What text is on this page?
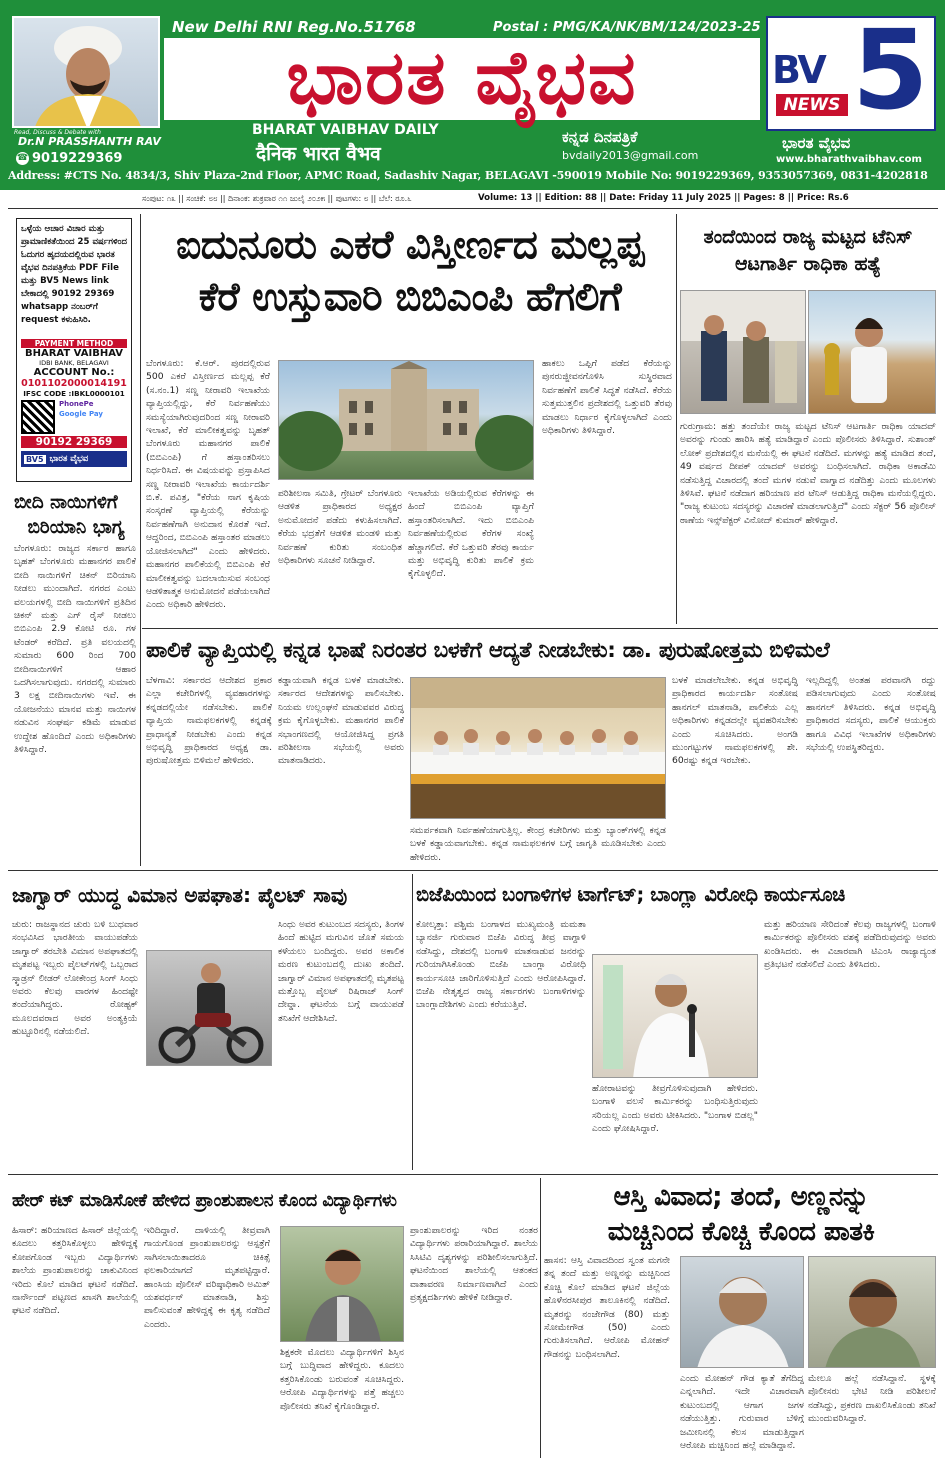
Read, Discuss & Debate with
Dr.N PRASSHANTH RAV
☎ 9019229369
New Delhi RNI Reg.No.51768	Postal : PMG/KA/NK/BM/124/2023-25
ಭಾರತ ವೈಭವ
BHARAT VAIBHAV DAILY
दैनिक भारत वैभव
ಕನ್ನಡ ದಿನಪತ್ರಿಕೆ
bvdaily2013@gmail.com
BV 5
NEWS
ಭಾರತ ವೈಭವ
www.bharathvaibhav.com
Address: #CTS No. 4834/3, Shiv Plaza-2nd Floor, APMC Road, Sadashiv Nagar, BELAGAVI -590019 Mobile No: 9019229369, 9353057369, 0831-4202818
ಸಂಪುಟ: ೧೩ || ಸಂಚಿಕೆ: ೮೮ || ದಿನಾಂಕ: ಶುಕ್ರವಾರ ೧೧ ಜುಲೈ ೨೦೨೫ || ಪುಟಗಳು: ೮ || ಬೆಲೆ: ರೂ.೬	Volume: 13 || Edition: 88 || Date: Friday 11 July 2025 || Pages: 8 || Price: Rs.6
ಒಳ್ಳೆಯ ಆಚಾರ ವಿಚಾರ ಮತ್ತು ಪ್ರಾಮಾಣಿಕತೆಯಿಂದ 25 ವರ್ಷಗಳಿಂದ ಓದುಗರ ಹೃದಯದಲ್ಲಿರುವ ಭಾರತ ವೈಭವ ದಿನಪತ್ರಿಕೆಯ PDF File ಮತ್ತು BV5 News link ಬೇಕಾದಲ್ಲಿ 90192 29369 whatsapp ನಂಬರ್‌ಗೆ request ಕಳುಹಿಸಿರಿ.
PAYMENT METHOD
BHARAT VAIBHAV
IDBI BANK, BELAGAVI
ACCOUNT No.:
0101102000014191
IFSC CODE :IBKL0000101
PhonePe
Google Pay
90192 29369
BV5 ಭಾರತ ವೈಭವ
ಬೀದಿ ನಾಯಿಗಳಿಗೆ
ಬಿರಿಯಾನಿ ಭಾಗ್ಯ
ಬೆಂಗಳೂರು: ರಾಜ್ಯದ ಸರ್ಕಾರ ಹಾಗೂ ಬೃಹತ್ ಬೆಂಗಳೂರು ಮಹಾನಗರ ಪಾಲಿಕೆ ಬೀದಿ ನಾಯಿಗಳಿಗೆ ಚಿಕನ್ ಬಿರಿಯಾನಿ ನೀಡಲು ಮುಂದಾಗಿದೆ. ನಗರದ ಎಂಟು ವಲಯಗಳಲ್ಲಿ ಬೀದಿ ನಾಯಿಗಳಿಗೆ ಪ್ರತಿದಿನ ಚಿಕನ್ ಮತ್ತು ಎಗ್ ರೈಸ್ ನೀಡಲು ಬಿಬಿಎಂಪಿ 2.9 ಕೋಟಿ ರೂ. ಗಳ ಟೆಂಡರ್ ಕರೆದಿದೆ. ಪ್ರತಿ ವಲಯದಲ್ಲಿ ಸುಮಾರು 600 ರಿಂದ 700 ಬೀದಿನಾಯಿಗಳಿಗೆ ಆಹಾರ ಒದಗಿಸಲಾಗುವುದು. ನಗರದಲ್ಲಿ ಸುಮಾರು 3 ಲಕ್ಷ ಬೀದಿನಾಯಿಗಳು ಇವೆ. ಈ ಯೋಜನೆಯು ಮಾನವ ಮತ್ತು ನಾಯಿಗಳ ನಡುವಿನ ಸಂಘರ್ಷ ಕಡಿಮೆ ಮಾಡುವ ಉದ್ದೇಶ ಹೊಂದಿದೆ ಎಂದು ಅಧಿಕಾರಿಗಳು ತಿಳಿಸಿದ್ದಾರೆ.
ಐದುನೂರು ಎಕರೆ ವಿಸ್ತೀರ್ಣದ ಮಲ್ಲಪ್ಪ
ಕೆರೆ ಉಸ್ತುವಾರಿ ಬಿಬಿಎಂಪಿ ಹೆಗಲಿಗೆ
ಬೆಂಗಳೂರು: ಕೆ.ಆರ್. ಪುರದಲ್ಲಿರುವ 500 ಎಕರೆ ವಿಸ್ತೀರ್ಣದ ಮಲ್ಲಪ್ಪ ಕೆರೆ (ಸ.ನಂ.1) ಸಣ್ಣ ನೀರಾವರಿ ಇಲಾಖೆಯ ವ್ಯಾಪ್ತಿಯಲ್ಲಿದ್ದು, ಕೆರೆ ನಿರ್ವಹಣೆಯು ಸಮಸ್ಯೆಯಾಗಿರುವುದರಿಂದ ಸಣ್ಣ ನೀರಾವರಿ ಇಲಾಖೆ, ಕೆರೆ ಮಾಲೀಕತ್ವವನ್ನು ಬೃಹತ್ ಬೆಂಗಳೂರು ಮಹಾನಗರ ಪಾಲಿಕೆ (ಬಿಬಿಎಂಪಿ) ಗೆ ಹಸ್ತಾಂತರಿಸಲು ನಿರ್ಧರಿಸಿದೆ. ಈ ವಿಷಯವನ್ನು ಪ್ರಸ್ತಾಪಿಸಿದ ಸಣ್ಣ ನೀರಾವರಿ ಇಲಾಖೆಯ ಕಾರ್ಯದರ್ಶಿ ಬಿ.ಕೆ. ಪವಿತ್ರ, "ಕೆರೆಯ ನಾಗ ಕೃಷಿಯ ಸಂಸ್ಕರಣೆ ವ್ಯಾಪ್ತಿಯಲ್ಲಿ ಕೆರೆಯನ್ನು ನಿರ್ವಹಣೆಗಾಗಿ ಅನುದಾನ ಕೊರತೆ ಇದೆ. ಆದ್ದರಿಂದ, ಬಿಬಿಎಂಪಿ ಹಸ್ತಾಂತರ ಮಾಡಲು ಯೋಜಿಸಲಾಗಿದೆ" ಎಂದು ಹೇಳಿದರು. ಮಹಾನಗರ ಪಾಲಿಕೆಯಲ್ಲಿ ಬಿಬಿಎಂಪಿ ಕೆರೆ ಮಾಲೀಕತ್ವವನ್ನು ಬದಲಾಯಿಸುವ ಸಂಬಂಧ ಆಡಳಿತಾತ್ಮಕ ಅನುಮೋದನೆ ಪಡೆಯಲಾಗಿದೆ ಎಂದು ಅಧಿಕಾರಿ ಹೇಳಿದರು.
ಪರಿಶೀಲನಾ ಸಮಿತಿ, ಗ್ರೇಟರ್ ಬೆಂಗಳೂರು ಆಡಳಿತ ಪ್ರಾಧಿಕಾರದ ಅಧ್ಯಕ್ಷರ ಅನುಮೋದನೆ ಪಡೆದು ಕಳುಹಿಸಲಾಗಿದೆ. ಕೆರೆಯ ಭದ್ರತೆಗೆ ಆಡಳಿತ ಮಂಡಳಿ ಮತ್ತು ನಿರ್ವಹಣೆ ಕುರಿತು ಸಂಬಂಧಿತ ಅಧಿಕಾರಿಗಳು ಸೂಚನೆ ನೀಡಿದ್ದಾರೆ.
ಇಲಾಖೆಯ ಅಡಿಯಲ್ಲಿರುವ ಕೆರೆಗಳನ್ನು ಈ ಹಿಂದೆ ಬಿಬಿಎಂಪಿ ವ್ಯಾಪ್ತಿಗೆ ಹಸ್ತಾಂತರಿಸಲಾಗಿದೆ. ಇದು ಬಿಬಿಎಂಪಿ ನಿರ್ವಹಣೆಯಲ್ಲಿರುವ ಕೆರೆಗಳ ಸಂಖ್ಯೆ ಹೆಚ್ಚಾಗಲಿದೆ. ಕೆರೆ ಒತ್ತುವರಿ ತೆರವು ಕಾರ್ಯ ಮತ್ತು ಅಭಿವೃದ್ಧಿ ಕುರಿತು ಪಾಲಿಕೆ ಕ್ರಮ ಕೈಗೊಳ್ಳಲಿದೆ.
ಹಾಕಲು ಒಪ್ಪಿಗೆ ಪಡೆದ ಕೆರೆಯನ್ನು ಪುನರುಜ್ಜೀವನಗೊಳಿಸಿ ಸುಸ್ಥಿರವಾದ ನಿರ್ವಹಣೆಗೆ ಪಾಲಿಕೆ ಸಿದ್ಧತೆ ನಡೆಸಿದೆ. ಕೆರೆಯ ಸುತ್ತಮುತ್ತಲಿನ ಪ್ರದೇಶದಲ್ಲಿ ಒತ್ತುವರಿ ತೆರವು ಮಾಡಲು ನಿರ್ಧಾರ ಕೈಗೊಳ್ಳಲಾಗಿದೆ ಎಂದು ಅಧಿಕಾರಿಗಳು ತಿಳಿಸಿದ್ದಾರೆ.
ತಂದೆಯಿಂದ ರಾಜ್ಯ ಮಟ್ಟದ ಟೆನಿಸ್
ಆಟಗಾರ್ತಿ ರಾಧಿಕಾ ಹತ್ಯೆ
ಗುರುಗ್ರಾಮ: ಹತ್ತು ತಂದೆಯೇ ರಾಜ್ಯ ಮಟ್ಟದ ಟೆನಿಸ್ ಆಟಗಾರ್ತಿ ರಾಧಿಕಾ ಯಾದವ್ ಅವರನ್ನು ಗುಂಡು ಹಾರಿಸಿ ಹತ್ಯೆ ಮಾಡಿದ್ದಾರೆ ಎಂದು ಪೊಲೀಸರು ತಿಳಿಸಿದ್ದಾರೆ. ಸುಶಾಂತ್ ಲೋಕ್ ಪ್ರದೇಶದಲ್ಲಿನ ಮನೆಯಲ್ಲಿ ಈ ಘಟನೆ ನಡೆದಿದೆ. ಮಗಳನ್ನು ಹತ್ಯೆ ಮಾಡಿದ ತಂದೆ, 49 ವರ್ಷದ ದೀಪಕ್ ಯಾದವ್ ಅವರನ್ನು ಬಂಧಿಸಲಾಗಿದೆ. ರಾಧಿಕಾ ಅಕಾಡೆಮಿ ನಡೆಸುತ್ತಿದ್ದ ವಿಚಾರದಲ್ಲಿ ತಂದೆ ಮಗಳ ನಡುವೆ ವಾಗ್ವಾದ ನಡೆದಿತ್ತು ಎಂದು ಮೂಲಗಳು ತಿಳಿಸಿವೆ. ಘಟನೆ ನಡೆದಾಗ ಹರಿಯಾಣ ಪರ ಟೆನಿಸ್ ಆಡುತ್ತಿದ್ದ ರಾಧಿಕಾ ಮನೆಯಲ್ಲಿದ್ದರು. "ರಾಜ್ಯ ಕುಟುಂಬ ಸದಸ್ಯರನ್ನು ವಿಚಾರಣೆ ಮಾಡಲಾಗುತ್ತಿದೆ" ಎಂದು ಸೆಕ್ಟರ್ 56 ಪೊಲೀಸ್ ಠಾಣೆಯ ಇನ್ಸ್‌ಪೆಕ್ಟರ್ ವಿನೋದ್ ಕುಮಾರ್ ಹೇಳಿದ್ದಾರೆ.
ಪಾಲಿಕೆ ವ್ಯಾಪ್ತಿಯಲ್ಲಿ ಕನ್ನಡ ಭಾಷೆ ನಿರಂತರ ಬಳಕೆಗೆ ಆದ್ಯತೆ ನೀಡಬೇಕು: ಡಾ. ಪುರುಷೋತ್ತಮ ಬಿಳಿಮಲೆ
ಬೆಳಗಾವಿ: ಸರ್ಕಾರದ ಆದೇಶದ ಪ್ರಕಾರ ಎಲ್ಲಾ ಕಚೇರಿಗಳಲ್ಲಿ ವ್ಯವಹಾರಗಳನ್ನು ಕನ್ನಡದಲ್ಲಿಯೇ ನಡೆಸಬೇಕು. ಪಾಲಿಕೆ ವ್ಯಾಪ್ತಿಯ ನಾಮಫಲಕಗಳಲ್ಲಿ ಕನ್ನಡಕ್ಕೆ ಪ್ರಾಧಾನ್ಯತೆ ನೀಡಬೇಕು ಎಂದು ಕನ್ನಡ ಅಭಿವೃದ್ಧಿ ಪ್ರಾಧಿಕಾರದ ಅಧ್ಯಕ್ಷ ಡಾ. ಪುರುಷೋತ್ತಮ ಬಿಳಿಮಲೆ ಹೇಳಿದರು.
ಕಡ್ಡಾಯವಾಗಿ ಕನ್ನಡ ಬಳಕೆ ಮಾಡಬೇಕು. ಸರ್ಕಾರದ ಆದೇಶಗಳನ್ನು ಪಾಲಿಸಬೇಕು. ನಿಯಮ ಉಲ್ಲಂಘನೆ ಮಾಡುವವರ ವಿರುದ್ಧ ಕ್ರಮ ಕೈಗೊಳ್ಳಬೇಕು. ಮಹಾನಗರ ಪಾಲಿಕೆ ಸಭಾಂಗಣದಲ್ಲಿ ಆಯೋಜಿಸಿದ್ದ ಪ್ರಗತಿ ಪರಿಶೀಲನಾ ಸಭೆಯಲ್ಲಿ ಅವರು ಮಾತನಾಡಿದರು.
ಸಮರ್ಪಕವಾಗಿ ನಿರ್ವಹಣೆಯಾಗುತ್ತಿಲ್ಲ. ಕೇಂದ್ರ ಕಚೇರಿಗಳು ಮತ್ತು ಬ್ಯಾಂಕ್‌ಗಳಲ್ಲಿ ಕನ್ನಡ ಬಳಕೆ ಕಡ್ಡಾಯವಾಗಬೇಕು. ಕನ್ನಡ ನಾಮಫಲಕಗಳ ಬಗ್ಗೆ ಜಾಗೃತಿ ಮೂಡಿಸಬೇಕು ಎಂದು ಹೇಳಿದರು.
ಬಳಕೆ ಮಾಡಲೇಬೇಕು. ಕನ್ನಡ ಅಭಿವೃದ್ಧಿ ಪ್ರಾಧಿಕಾರದ ಕಾರ್ಯದರ್ಶಿ ಸಂತೋಷ ಹಾನಗಲ್ ಮಾತನಾಡಿ, ಪಾಲಿಕೆಯ ಎಲ್ಲ ಅಧಿಕಾರಿಗಳು ಕನ್ನಡದಲ್ಲೇ ವ್ಯವಹರಿಸಬೇಕು ಎಂದು ಸೂಚಿಸಿದರು. ಅಂಗಡಿ ಮುಂಗಟ್ಟುಗಳ ನಾಮಫಲಕಗಳಲ್ಲಿ ಶೇ. 60ರಷ್ಟು ಕನ್ನಡ ಇರಬೇಕು.
ಇಲ್ಲದಿದ್ದಲ್ಲಿ ಅಂತಹ ಪರವಾನಗಿ ರದ್ದು ಪಡಿಸಲಾಗುವುದು ಎಂದು ಸಂತೋಷ ಹಾನಗಲ್ ತಿಳಿಸಿದರು. ಕನ್ನಡ ಅಭಿವೃದ್ಧಿ ಪ್ರಾಧಿಕಾರದ ಸದಸ್ಯರು, ಪಾಲಿಕೆ ಆಯುಕ್ತರು ಹಾಗೂ ವಿವಿಧ ಇಲಾಖೆಗಳ ಅಧಿಕಾರಿಗಳು ಸಭೆಯಲ್ಲಿ ಉಪಸ್ಥಿತರಿದ್ದರು.
ಜಾಗ್ವಾರ್ ಯುದ್ಧ ವಿಮಾನ ಅಪಘಾತ: ಪೈಲಟ್ ಸಾವು
ಚುರು: ರಾಜಸ್ಥಾನದ ಚುರು ಬಳಿ ಬುಧವಾರ ಸಂಭವಿಸಿದ ಭಾರತೀಯ ವಾಯುಪಡೆಯ ಜಾಗ್ವಾರ್ ತರಬೇತಿ ವಿಮಾನ ಅಪಘಾತದಲ್ಲಿ ಮೃತಪಟ್ಟ ಇಬ್ಬರು ಪೈಲಟ್‌ಗಳಲ್ಲಿ ಒಬ್ಬರಾದ ಸ್ಕ್ವಾಡ್ರನ್ ಲೀಡರ್ ಲೋಕೇಂದ್ರ ಸಿಂಗ್ ಸಿಂಧು ಅವರು ಕೆಲವು ವಾರಗಳ ಹಿಂದಷ್ಟೇ ತಂದೆಯಾಗಿದ್ದರು. ರೋಹ್ಟಕ್ ಮೂಲದವರಾದ ಅವರ ಅಂತ್ಯಕ್ರಿಯೆ ಹುಟ್ಟೂರಿನಲ್ಲಿ ನಡೆಯಲಿದೆ.
ಸಿಂಧು ಅವರ ಕುಟುಂಬದ ಸದಸ್ಯರು, ತಿಂಗಳ ಹಿಂದೆ ಹುಟ್ಟಿದ ಮಗುವಿನ ಜೊತೆ ಸಮಯ ಕಳೆಯಲು ಬಂದಿದ್ದರು. ಅವರ ಅಕಾಲಿಕ ಮರಣ ಕುಟುಂಬದಲ್ಲಿ ದುಃಖ ತಂದಿದೆ. ಜಾಗ್ವಾರ್ ವಿಮಾನ ಅಪಘಾತದಲ್ಲಿ ಮೃತಪಟ್ಟ ಮತ್ತೊಬ್ಬ ಪೈಲಟ್ ರಿಷಿರಾಜ್ ಸಿಂಗ್ ದೇವ್ಡಾ. ಘಟನೆಯ ಬಗ್ಗೆ ವಾಯುಪಡೆ ತನಿಖೆಗೆ ಆದೇಶಿಸಿದೆ.
ಬಿಜೆಪಿಯಿಂದ ಬಂಗಾಳಿಗಳ ಟಾರ್ಗೆಟ್; ಬಾಂಗ್ಲಾ ವಿರೋಧಿ ಕಾರ್ಯಸೂಚಿ
ಕೋಲ್ಕತ್ತಾ: ಪಶ್ಚಿಮ ಬಂಗಾಳದ ಮುಖ್ಯಮಂತ್ರಿ ಮಮತಾ ಬ್ಯಾನರ್ಜಿ ಗುರುವಾರ ಬಿಜೆಪಿ ವಿರುದ್ಧ ತೀವ್ರ ವಾಗ್ದಾಳಿ ನಡೆಸಿದ್ದು, ದೇಶದಲ್ಲಿ ಬಂಗಾಳಿ ಮಾತನಾಡುವ ಜನರನ್ನು ಗುರಿಯಾಗಿಸಿಕೊಂಡು ಬಿಜೆಪಿ ಬಾಂಗ್ಲಾ ವಿರೋಧಿ ಕಾರ್ಯಸೂಚಿ ಜಾರಿಗೊಳಿಸುತ್ತಿದೆ ಎಂದು ಆರೋಪಿಸಿದ್ದಾರೆ. ಬಿಜೆಪಿ ನೇತೃತ್ವದ ರಾಜ್ಯ ಸರ್ಕಾರಗಳು ಬಂಗಾಳಿಗಳನ್ನು ಬಾಂಗ್ಲಾದೇಶಿಗಳು ಎಂದು ಕರೆಯುತ್ತಿವೆ.
ಹೋರಾಟವನ್ನು ತೀವ್ರಗೊಳಿಸುವುದಾಗಿ ಹೇಳಿದರು. ಬಂಗಾಳಿ ವಲಸೆ ಕಾರ್ಮಿಕರನ್ನು ಬಂಧಿಸುತ್ತಿರುವುದು ಸರಿಯಲ್ಲ ಎಂದು ಅವರು ಟೀಕಿಸಿದರು. "ಬಂಗಾಳ ಬಿಡಲ್ಲ" ಎಂದು ಘೋಷಿಸಿದ್ದಾರೆ.
ಮತ್ತು ಹರಿಯಾಣ ಸೇರಿದಂತೆ ಕೆಲವು ರಾಜ್ಯಗಳಲ್ಲಿ ಬಂಗಾಳಿ ಕಾರ್ಮಿಕರನ್ನು ಪೊಲೀಸರು ವಶಕ್ಕೆ ಪಡೆದಿರುವುದನ್ನು ಅವರು ಖಂಡಿಸಿದರು. ಈ ವಿಚಾರವಾಗಿ ಟಿಎಂಸಿ ರಾಜ್ಯಾದ್ಯಂತ ಪ್ರತಿಭಟನೆ ನಡೆಸಲಿದೆ ಎಂದು ತಿಳಿಸಿದರು.
ಹೇರ್ ಕಟ್ ಮಾಡಿಸೋಕೆ ಹೇಳಿದ ಪ್ರಾಂಶುಪಾಲನ ಕೊಂದ ವಿದ್ಯಾರ್ಥಿಗಳು
ಹಿಸಾರ್: ಹರಿಯಾಣದ ಹಿಸಾರ್ ಜಿಲ್ಲೆಯಲ್ಲಿ ಕೂದಲು ಕತ್ತರಿಸಿಕೊಳ್ಳಲು ಹೇಳಿದ್ದಕ್ಕೆ ಕೋಪಗೊಂಡ ಇಬ್ಬರು ವಿದ್ಯಾರ್ಥಿಗಳು ಶಾಲೆಯ ಪ್ರಾಂಶುಪಾಲರನ್ನು ಚಾಕುವಿನಿಂದ ಇರಿದು ಕೊಲೆ ಮಾಡಿದ ಘಟನೆ ನಡೆದಿದೆ. ನಾರ್ನೌಂದ್ ಪಟ್ಟಣದ ಖಾಸಗಿ ಶಾಲೆಯಲ್ಲಿ ಘಟನೆ ನಡೆದಿದೆ.
ಇರಿದಿದ್ದಾರೆ. ದಾಳಿಯಲ್ಲಿ ತೀವ್ರವಾಗಿ ಗಾಯಗೊಂಡ ಪ್ರಾಂಶುಪಾಲರನ್ನು ಆಸ್ಪತ್ರೆಗೆ ಸಾಗಿಸಲಾಯಿತಾದರೂ ಚಿಕಿತ್ಸೆ ಫಲಕಾರಿಯಾಗದೆ ಮೃತಪಟ್ಟಿದ್ದಾರೆ. ಹಾಂಸಿಯ ಪೊಲೀಸ್ ವರಿಷ್ಠಾಧಿಕಾರಿ ಅಮಿತ್ ಯಶವರ್ಧನ್ ಮಾತನಾಡಿ, ಶಿಸ್ತು ಪಾಲಿಸುವಂತೆ ಹೇಳಿದ್ದಕ್ಕೆ ಈ ಕೃತ್ಯ ನಡೆದಿದೆ ಎಂದರು.
ಶಿಕ್ಷಕರೇ ಮೊದಲು ವಿದ್ಯಾರ್ಥಿಗಳಿಗೆ ಶಿಸ್ತಿನ ಬಗ್ಗೆ ಬುದ್ಧಿವಾದ ಹೇಳಿದ್ದರು. ಕೂದಲು ಕತ್ತರಿಸಿಕೊಂಡು ಬರುವಂತೆ ಸೂಚಿಸಿದ್ದರು. ಆರೋಪಿ ವಿದ್ಯಾರ್ಥಿಗಳನ್ನು ಪತ್ತೆ ಹಚ್ಚಲು ಪೊಲೀಸರು ತನಿಖೆ ಕೈಗೊಂಡಿದ್ದಾರೆ.
ಪ್ರಾಂಶುಪಾಲರನ್ನು ಇರಿದ ನಂತರ ವಿದ್ಯಾರ್ಥಿಗಳು ಪರಾರಿಯಾಗಿದ್ದಾರೆ. ಶಾಲೆಯ ಸಿಸಿಟಿವಿ ದೃಶ್ಯಗಳನ್ನು ಪರಿಶೀಲಿಸಲಾಗುತ್ತಿದೆ. ಘಟನೆಯಿಂದ ಶಾಲೆಯಲ್ಲಿ ಆತಂಕದ ವಾತಾವರಣ ನಿರ್ಮಾಣವಾಗಿದೆ ಎಂದು ಪ್ರತ್ಯಕ್ಷದರ್ಶಿಗಳು ಹೇಳಿಕೆ ನೀಡಿದ್ದಾರೆ.
ಆಸ್ತಿ ವಿವಾದ; ತಂದೆ, ಅಣ್ಣನನ್ನು
ಮಚ್ಚಿನಿಂದ ಕೊಚ್ಚಿ ಕೊಂದ ಪಾತಕಿ
ಹಾಸನ: ಆಸ್ತಿ ವಿವಾದದಿಂದ ಸ್ವಂತ ಮಗನೇ ತನ್ನ ತಂದೆ ಮತ್ತು ಅಣ್ಣನನ್ನು ಮಚ್ಚಿನಿಂದ ಕೊಚ್ಚಿ ಕೊಲೆ ಮಾಡಿದ ಘಟನೆ ಜಿಲ್ಲೆಯ ಹೊಳೆನರಸೀಪುರ ತಾಲೂಕಿನಲ್ಲಿ ನಡೆದಿದೆ. ಮೃತರನ್ನು ನಂಜೇಗೌಡ (80) ಮತ್ತು ಸೋಮೇಗೌಡ (50) ಎಂದು ಗುರುತಿಸಲಾಗಿದೆ. ಆರೋಪಿ ಮೋಹನ್ ಗೌಡನನ್ನು ಬಂಧಿಸಲಾಗಿದೆ.
ಎಂದು ಮೋಹನ್ ಗೌಡ ಕ್ಯಾತೆ ತೆಗೆದಿದ್ದ ಎನ್ನಲಾಗಿದೆ. ಇದೇ ವಿಚಾರವಾಗಿ ಕುಟುಂಬದಲ್ಲಿ ಆಗಾಗ ಜಗಳ ನಡೆಯುತ್ತಿತ್ತು. ಗುರುವಾರ ಬೆಳಿಗ್ಗೆ ಜಮೀನಿನಲ್ಲಿ ಕೆಲಸ ಮಾಡುತ್ತಿದ್ದಾಗ ಆರೋಪಿ ಮಚ್ಚಿನಿಂದ ಹಲ್ಲೆ ಮಾಡಿದ್ದಾನೆ.
ಮೇಲೂ ಹಲ್ಲೆ ನಡೆಸಿದ್ದಾನೆ. ಸ್ಥಳಕ್ಕೆ ಪೊಲೀಸರು ಭೇಟಿ ನೀಡಿ ಪರಿಶೀಲನೆ ನಡೆಸಿದ್ದು, ಪ್ರಕರಣ ದಾಖಲಿಸಿಕೊಂಡು ತನಿಖೆ ಮುಂದುವರಿಸಿದ್ದಾರೆ.
